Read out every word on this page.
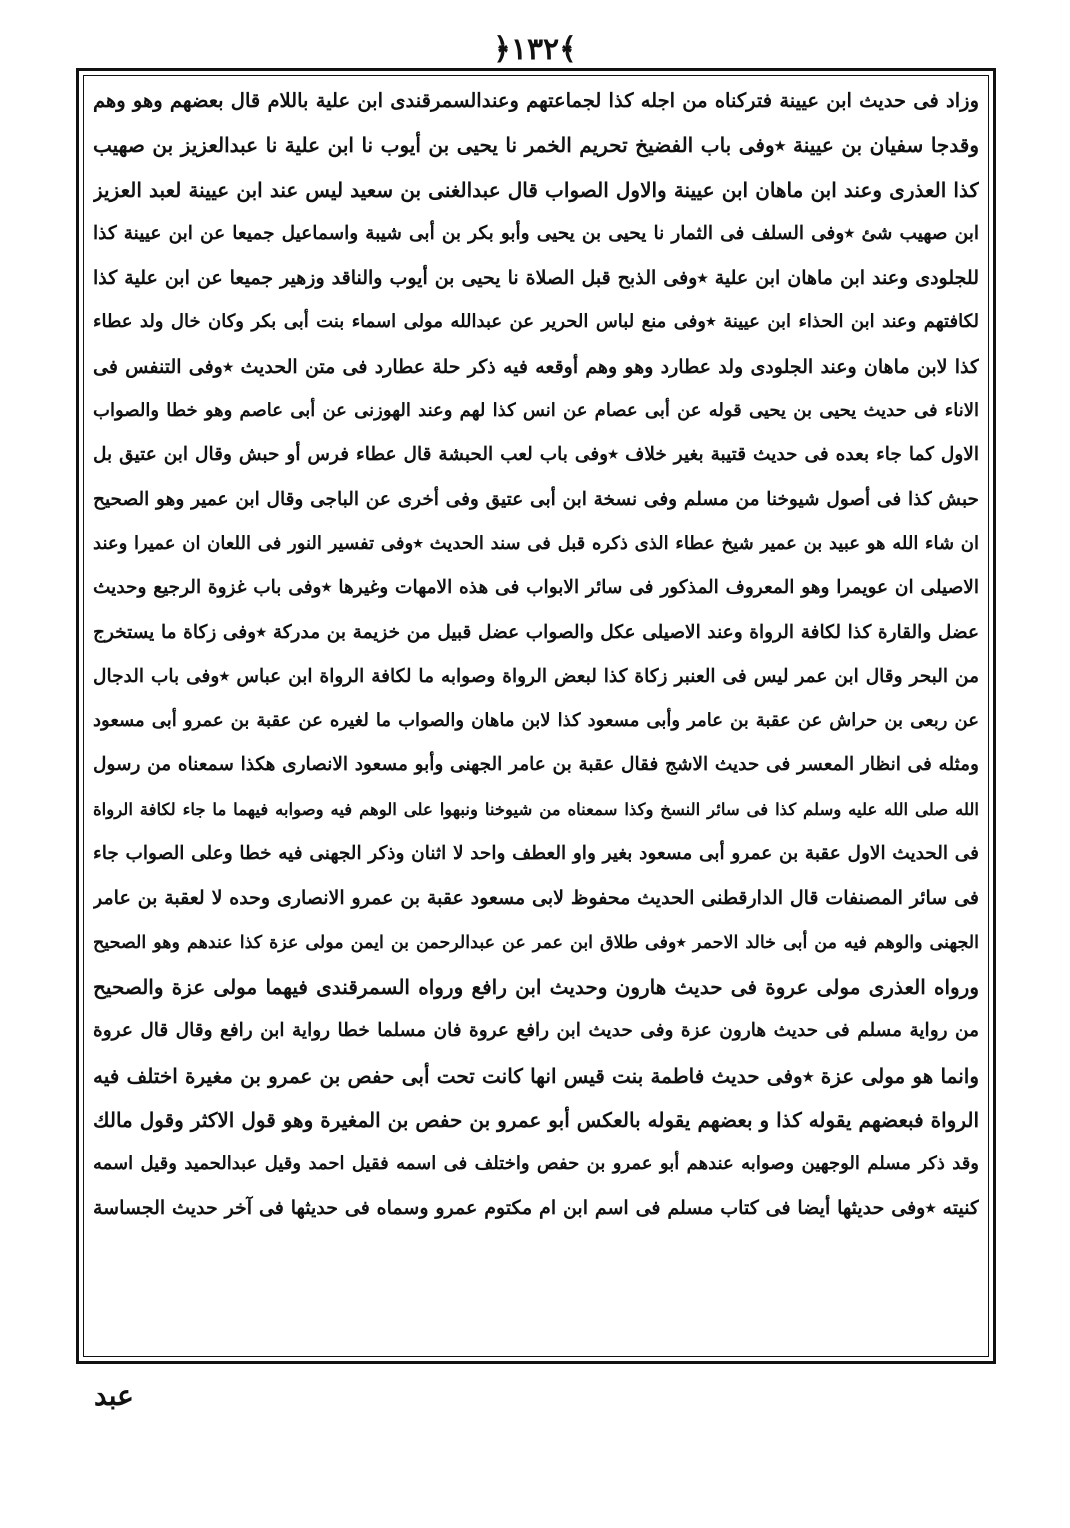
﴿١٣٢﴾
وزاد فى حديث ابن عيينة فتركناه من اجله كذا لجماعتهم وعندالسمرقندى ابن علية باللام قال بعضهم وهو وهم
وقدجا سفيان بن عيينة ٭وفى باب الفضيخ تحريم الخمر نا يحيى بن أيوب نا ابن علية نا عبدالعزيز بن صهيب
كذا العذرى وعند ابن ماهان ابن عيينة والاول الصواب قال عبدالغنى بن سعيد ليس عند ابن عيينة لعبد العزيز
ابن صهيب شئ ٭وفى السلف فى الثمار نا يحيى بن يحيى وأبو بكر بن أبى شيبة واسماعيل جميعا عن ابن عيينة كذا
للجلودى وعند ابن ماهان ابن علية ٭وفى الذبح قبل الصلاة نا يحيى بن أيوب والناقد وزهير جميعا عن ابن علية كذا
لكافتهم وعند ابن الحذاء ابن عيينة ٭وفى منع لباس الحرير عن عبدالله مولى اسماء بنت أبى بكر وكان خال ولد عطاء
كذا لابن ماهان وعند الجلودى ولد عطارد وهو وهم أوقعه فيه ذكر حلة عطارد فى متن الحديث ٭وفى التنفس فى
الاناء فى حديث يحيى بن يحيى قوله عن أبى عصام عن انس كذا لهم وعند الهوزنى عن أبى عاصم وهو خطا والصواب
الاول كما جاء بعده فى حديث قتيبة بغير خلاف ٭وفى باب لعب الحبشة قال عطاء فرس أو حبش وقال ابن عتيق بل
حبش كذا فى أصول شيوخنا من مسلم وفى نسخة ابن أبى عتيق وفى أخرى عن الباجى وقال ابن عمير وهو الصحيح
ان شاء الله هو عبيد بن عمير شيخ عطاء الذى ذكره قبل فى سند الحديث ٭وفى تفسير النور فى اللعان ان عميرا وعند
الاصيلى ان عويمرا وهو المعروف المذكور فى سائر الابواب فى هذه الامهات وغيرها ٭وفى باب غزوة الرجيع وحديث
عضل والقارة كذا لكافة الرواة وعند الاصيلى عكل والصواب عضل قبيل من خزيمة بن مدركة ٭وفى زكاة ما يستخرج
من البحر وقال ابن عمر ليس فى العنبر زكاة كذا لبعض الرواة وصوابه ما لكافة الرواة ابن عباس ٭وفى باب الدجال
عن ربعى بن حراش عن عقبة بن عامر وأبى مسعود كذا لابن ماهان والصواب ما لغيره عن عقبة بن عمرو أبى مسعود
ومثله فى انظار المعسر فى حديث الاشج فقال عقبة بن عامر الجهنى وأبو مسعود الانصارى هكذا سمعناه من رسول
الله صلى الله عليه وسلم كذا فى سائر النسخ وكذا سمعناه من شيوخنا ونبهوا على الوهم فيه وصوابه فيهما ما جاء لكافة الرواة
فى الحديث الاول عقبة بن عمرو أبى مسعود بغير واو العطف واحد لا اثنان وذكر الجهنى فيه خطا وعلى الصواب جاء
فى سائر المصنفات قال الدارقطنى الحديث محفوظ لابى مسعود عقبة بن عمرو الانصارى وحده لا لعقبة بن عامر
الجهنى والوهم فيه من أبى خالد الاحمر ٭وفى طلاق ابن عمر عن عبدالرحمن بن ايمن مولى عزة كذا عندهم وهو الصحيح
ورواه العذرى مولى عروة فى حديث هارون وحديث ابن رافع ورواه السمرقندى فيهما مولى عزة والصحيح
من رواية مسلم فى حديث هارون عزة وفى حديث ابن رافع عروة فان مسلما خطا رواية ابن رافع وقال قال عروة
وانما هو مولى عزة ٭وفى حديث فاطمة بنت قيس انها كانت تحت أبى حفص بن عمرو بن مغيرة اختلف فيه
الرواة فبعضهم يقوله كذا و بعضهم يقوله بالعكس أبو عمرو بن حفص بن المغيرة وهو قول الاكثر وقول مالك
وقد ذكر مسلم الوجهين وصوابه عندهم أبو عمرو بن حفص واختلف فى اسمه فقيل احمد وقيل عبدالحميد وقيل اسمه
كنيته ٭وفى حديثها أيضا فى كتاب مسلم فى اسم ابن ام مكتوم عمرو وسماه فى حديثها فى آخر حديث الجساسة
عبد
